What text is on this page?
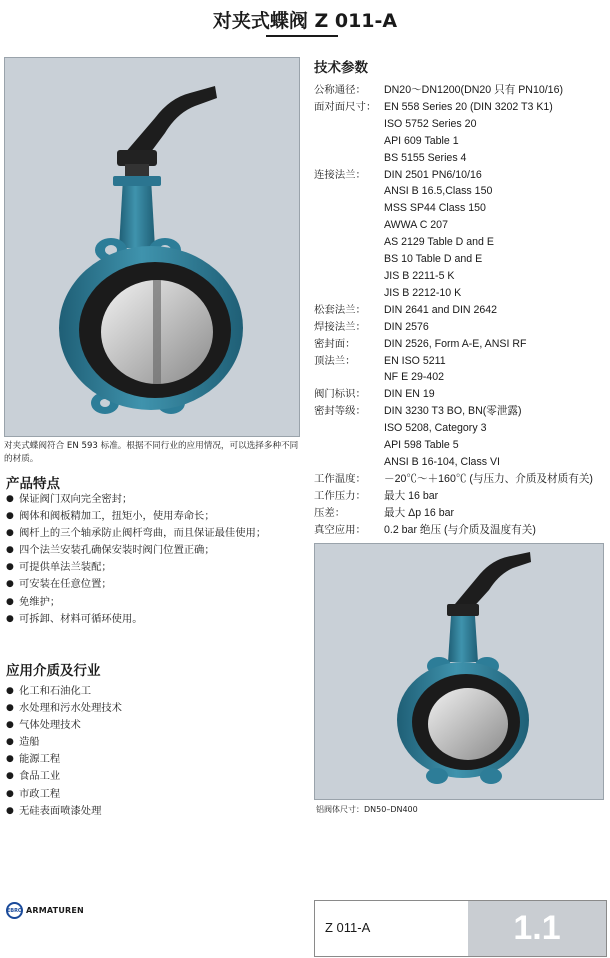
对夹式蝶阀 Z 011-A
对夹式蝶阀符合 EN 593 标准。根据不同行业的应用情况，可以选择多种不同的材质。
产品特点
● 保证阀门双向完全密封；
● 阀体和阀板精加工，扭矩小，使用寿命长；
● 阀杆上的三个轴承防止阀杆弯曲，而且保证最佳使用；
● 四个法兰安装孔确保安装时阀门位置正确；
● 可提供单法兰装配；
● 可安装在任意位置；
● 免维护；
● 可拆卸、材料可循环使用。
应用介质及行业
● 化工和石油化工
● 水处理和污水处理技术
● 气体处理技术
● 造船
● 能源工程
● 食品工业
● 市政工程
● 无硅表面喷漆处理
技术参数
公称通径：	DN20～DN1200(DN20 只有 PN10/16)
面对面尺寸： EN 558 Series 20 (DIN 3202 T3 K1)
ISO 5752 Series 20
API 609 Table 1
BS 5155 Series 4
连接法兰：	DIN 2501 PN6/10/16
ANSI B 16.5,Class 150
MSS SP44 Class 150
AWWA C 207
AS 2129 Table D and E
BS 10 Table D and E
JIS B 2211-5 K
JIS B 2212-10 K
松套法兰：	DIN 2641 and DIN 2642
焊接法兰：	DIN 2576
密封面：	DIN 2526, Form A-E, ANSI RF
顶法兰：	EN ISO 5211
NF E 29-402
阀门标识：	DIN EN 19
密封等级：	DIN 3230 T3 BO, BN(零泄露)
ISO 5208, Category 3
API 598 Table 5
ANSI B 16-104, Class VI
工作温度：	－20℃～＋160℃ (与压力、介质及材质有关)
工作压力：	最大 16 bar
压差：	最大 Δp 16 bar
真空应用：	0.2 bar 绝压 (与介质及温度有关)
铝阀体尺寸：DN50–DN400
EBRO ARMATUREN
Z 011-A	1.1
